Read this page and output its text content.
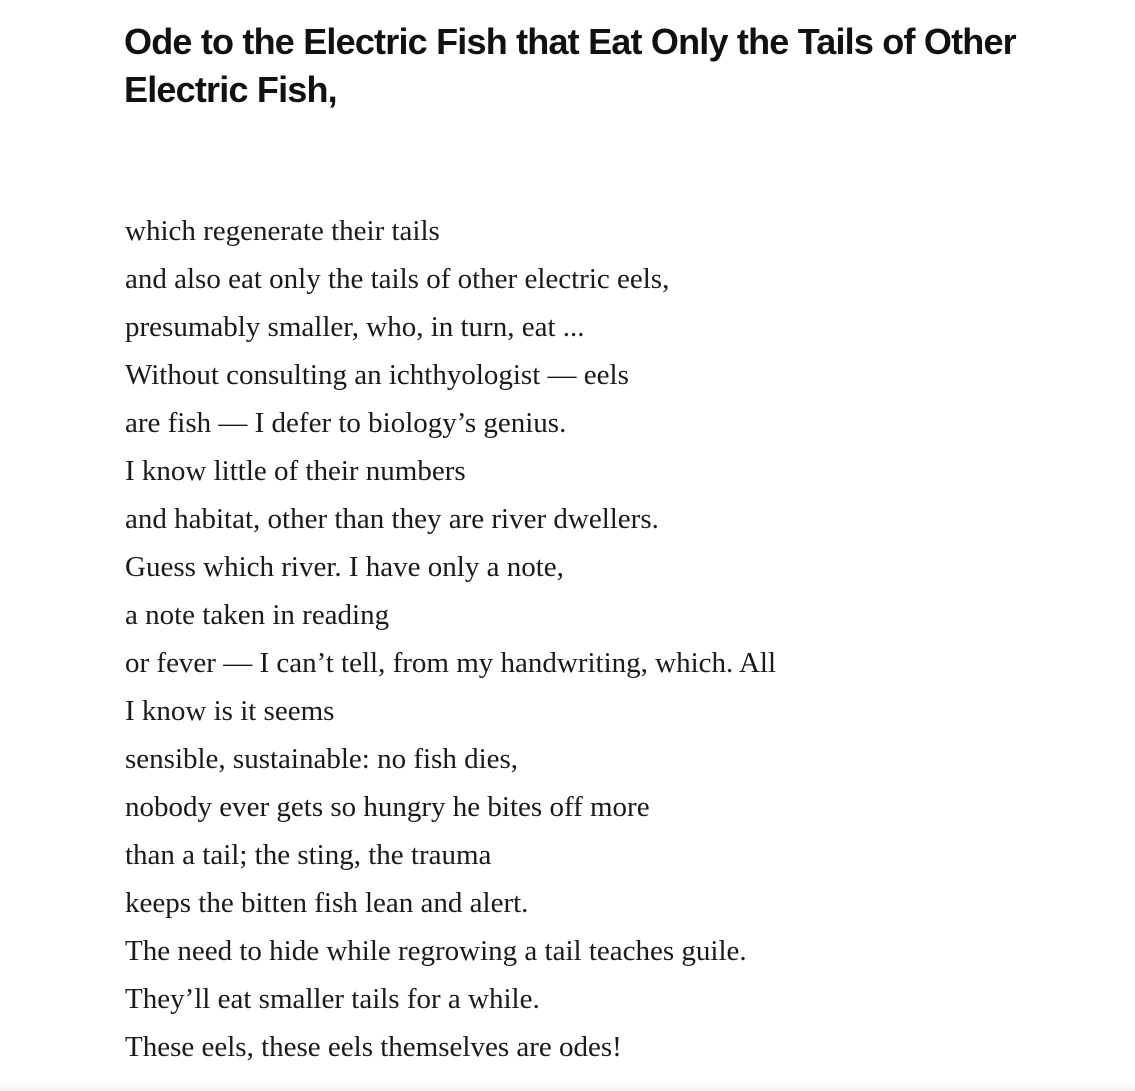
Ode to the Electric Fish that Eat Only the Tails of Other Electric Fish,
which regenerate their tails
and also eat only the tails of other electric eels,
presumably smaller, who, in turn, eat ...
Without consulting an ichthyologist — eels
are fish — I defer to biology’s genius.
I know little of their numbers
and habitat, other than they are river dwellers.
Guess which river. I have only a note,
a note taken in reading
or fever — I can’t tell, from my handwriting, which. All
I know is it seems
sensible, sustainable: no fish dies,
nobody ever gets so hungry he bites off more
than a tail; the sting, the trauma
keeps the bitten fish lean and alert.
The need to hide while regrowing a tail teaches guile.
They’ll eat smaller tails for a while.
These eels, these eels themselves are odes!
